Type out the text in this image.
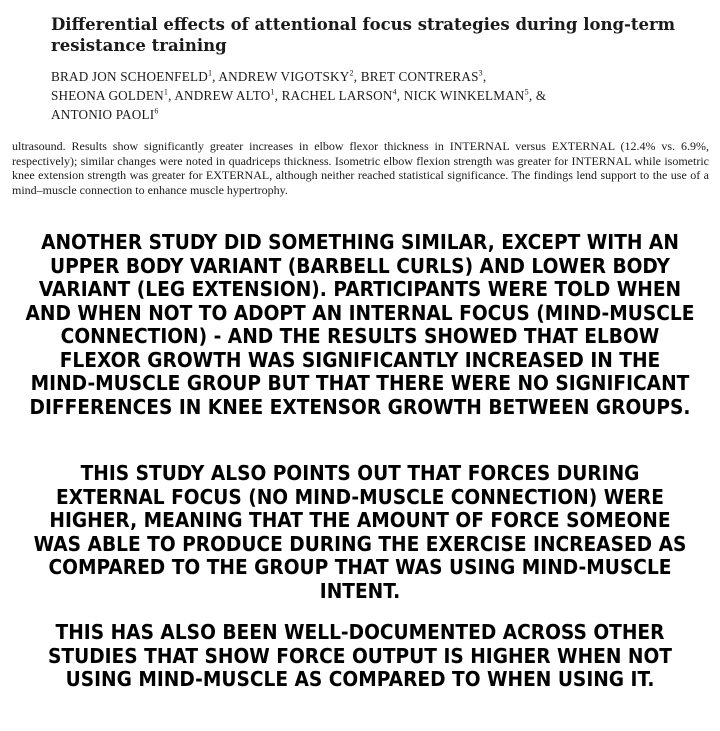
Differential effects of attentional focus strategies during long-term resistance training

BRAD JON SCHOENFELD$^1$, ANDREW VIGOTSKY$^2$, BRET CONTRERAS$^3$,
SHEONA GOLDEN$^1$, ANDREW ALTO$^1$, RACHEL LARSON$^4$, NICK WINKELMAN$^5$, &
ANTONIO PAOLI$^6$

ultrasound. Results show significantly greater increases in elbow flexor thickness in INTERNAL versus EXTERNAL (12.4% vs. 6.9%, respectively); similar changes were noted in quadriceps thickness. Isometric elbow flexion strength was greater for INTERNAL while isometric knee extension strength was greater for EXTERNAL, although neither reached statistical significance. The findings lend support to the use of a mind–muscle connection to enhance muscle hypertrophy.

ANOTHER STUDY DID SOMETHING SIMILAR, EXCEPT WITH AN UPPER BODY VARIANT (BARBELL CURLS) AND LOWER BODY VARIANT (LEG EXTENSION). PARTICIPANTS WERE TOLD WHEN AND WHEN NOT TO ADOPT AN INTERNAL FOCUS (MIND-MUSCLE CONNECTION) - AND THE RESULTS SHOWED THAT ELBOW FLEXOR GROWTH WAS SIGNIFICANTLY INCREASED IN THE MIND-MUSCLE GROUP BUT THAT THERE WERE NO SIGNIFICANT DIFFERENCES IN KNEE EXTENSOR GROWTH BETWEEN GROUPS.

THIS STUDY ALSO POINTS OUT THAT FORCES DURING EXTERNAL FOCUS (NO MIND-MUSCLE CONNECTION) WERE HIGHER, MEANING THAT THE AMOUNT OF FORCE SOMEONE WAS ABLE TO PRODUCE DURING THE EXERCISE INCREASED AS COMPARED TO THE GROUP THAT WAS USING MIND-MUSCLE INTENT.

THIS HAS ALSO BEEN WELL-DOCUMENTED ACROSS OTHER STUDIES THAT SHOW FORCE OUTPUT IS HIGHER WHEN NOT USING MIND-MUSCLE AS COMPARED TO WHEN USING IT.
